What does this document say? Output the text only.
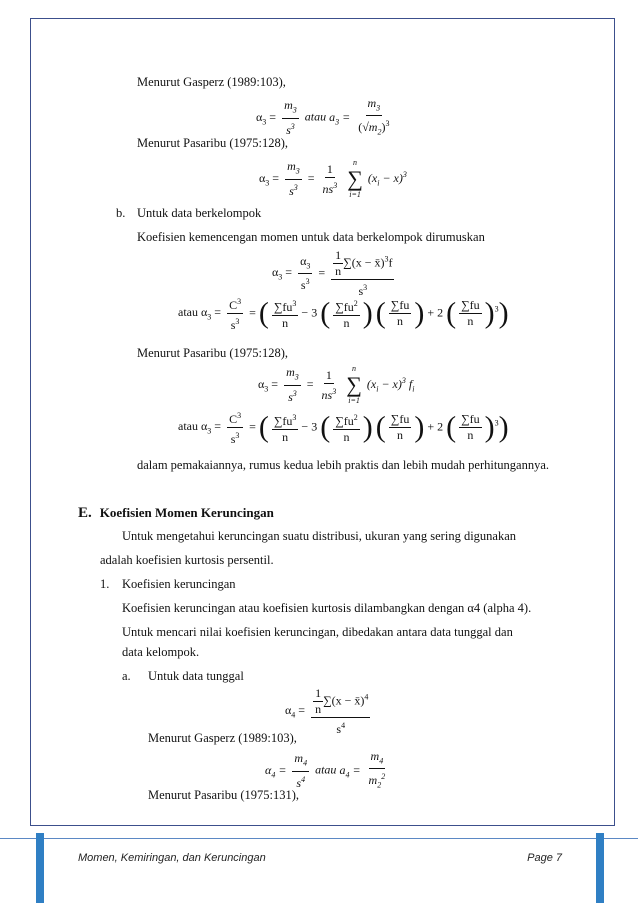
Menurut Gasperz (1989:103),
$\alpha_3 = \frac{m_3}{s^3}$ atau $a_3 = \frac{m_3}{(√m_2)^3}$
Menurut Pasaribu (1975:128),
$\alpha_3 = \frac{m_3}{s^3} = \frac{1}{ns^3}$
n
∑
i=1
$(x_i - x)^3$
b. Untuk data berkelompok
Koefisien kemencengan momen untuk data berkelompok dirumuskan
$\alpha_3 = \frac{\alpha_3}{s^3} = \frac{\frac{1}{n} \sum(x - x̄)^3f}{s^3}$
atau $\alpha_3 = \frac{C^3}{s^3}$ = ( $\frac{\sum fu^3}{n} - 3$ ( $\frac{\sum fu^2}{n}$ ) ( $\frac{\sum fu}{n}$ ) + 2 ( $\frac{\sum fu}{n} )^3$)
Menurut Pasaribu (1975:128),
$\alpha_3 = \frac{m_3}{s^3} = \frac{1}{ns^3}$
n
∑
i=1
$(x_i - x)^3$ $f_i$
atau $\alpha_3 = \frac{C^3}{s^3}$ = ( $\frac{\sum fu^3}{n} - 3$ ( $\frac{\sum fu^2}{n}$ ) ( $\frac{\sum fu}{n}$ ) + 2 ( $\frac{\sum fu}{n} )^3$)
dalam pemakaiannya, rumus kedua lebih praktis dan lebih mudah perhitungannya.
E. Koefisien Momen Keruncingan
Untuk mengetahui keruncingan suatu distribusi, ukuran yang sering digunakan
adalah koefisien kurtosis persentil.
1. Koefisien keruncingan
Koefisien keruncingan atau koefisien kurtosis dilambangkan dengan α4 (alpha 4).
Untuk mencari nilai koefisien keruncingan, dibedakan antara data tunggal dan
data kelompok.
a. Untuk data tunggal
$\alpha_4 = \frac{\frac{1}{n} \sum(x - x̄)^4}{s^4}$
Menurut Gasperz (1989:103),
$\alpha_4 = \frac{m_4}{s^4}$ atau $a_4 = \frac{m_4}{m_2^2}$
Menurut Pasaribu (1975:131),
Momen, Kemiringan, dan Keruncingan	Page 7
